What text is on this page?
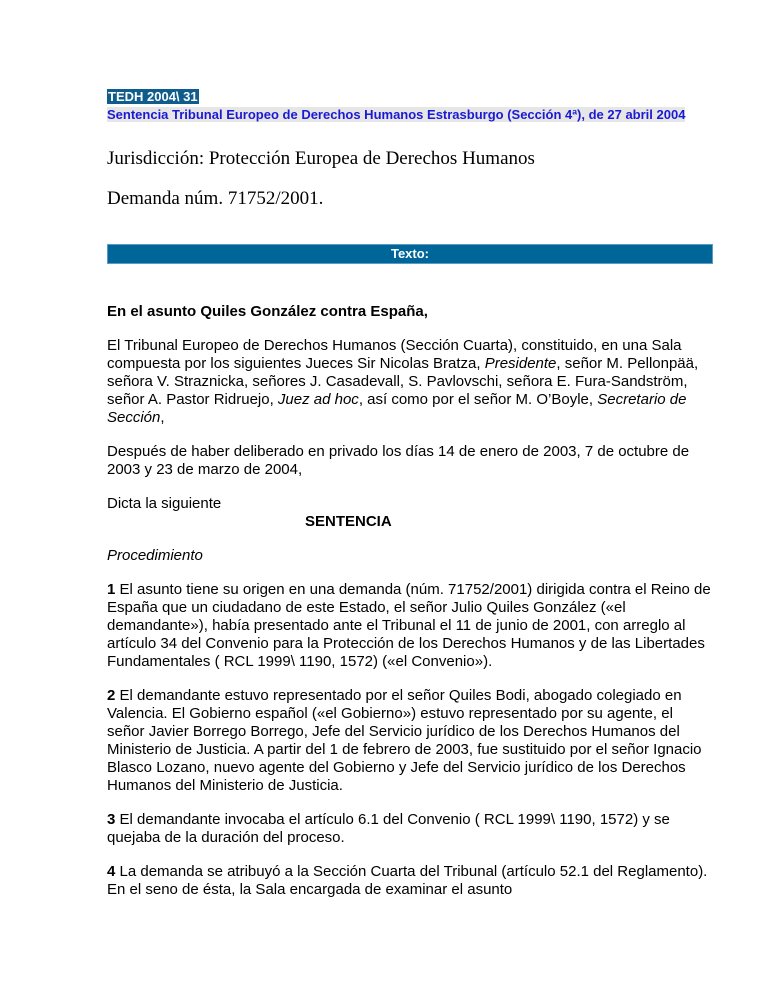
TEDH 2004\ 31
Sentencia Tribunal Europeo de Derechos Humanos Estrasburgo (Sección 4ª), de 27 abril 2004

Jurisdicción: Protección Europea de Derechos Humanos

Demanda núm. 71752/2001.

Texto:

En el asunto Quiles González contra España,

El Tribunal Europeo de Derechos Humanos (Sección Cuarta), constituido, en una Sala compuesta por los siguientes Jueces Sir Nicolas Bratza, Presidente, señor M. Pellonpää, señora V. Straznicka, señores J. Casadevall, S. Pavlovschi, señora E. Fura-Sandström, señor A. Pastor Ridruejo, Juez ad hoc, así como por el señor M. O’Boyle, Secretario de Sección,

Después de haber deliberado en privado los días 14 de enero de 2003, 7 de octubre de 2003 y 23 de marzo de 2004,

Dicta la siguiente

SENTENCIA

Procedimiento

1 El asunto tiene su origen en una demanda (núm. 71752/2001) dirigida contra el Reino de España que un ciudadano de este Estado, el señor Julio Quiles González («el demandante»), había presentado ante el Tribunal el 11 de junio de 2001, con arreglo al artículo 34 del Convenio para la Protección de los Derechos Humanos y de las Libertades Fundamentales ( RCL 1999\ 1190, 1572) («el Convenio»).

2 El demandante estuvo representado por el señor Quiles Bodi, abogado colegiado en Valencia. El Gobierno español («el Gobierno») estuvo representado por su agente, el señor Javier Borrego Borrego, Jefe del Servicio jurídico de los Derechos Humanos del Ministerio de Justicia. A partir del 1 de febrero de 2003, fue sustituido por el señor Ignacio Blasco Lozano, nuevo agente del Gobierno y Jefe del Servicio jurídico de los Derechos Humanos del Ministerio de Justicia.

3 El demandante invocaba el artículo 6.1 del Convenio ( RCL 1999\ 1190, 1572) y se quejaba de la duración del proceso.

4 La demanda se atribuyó a la Sección Cuarta del Tribunal (artículo 52.1 del Reglamento). En el seno de ésta, la Sala encargada de examinar el asunto
